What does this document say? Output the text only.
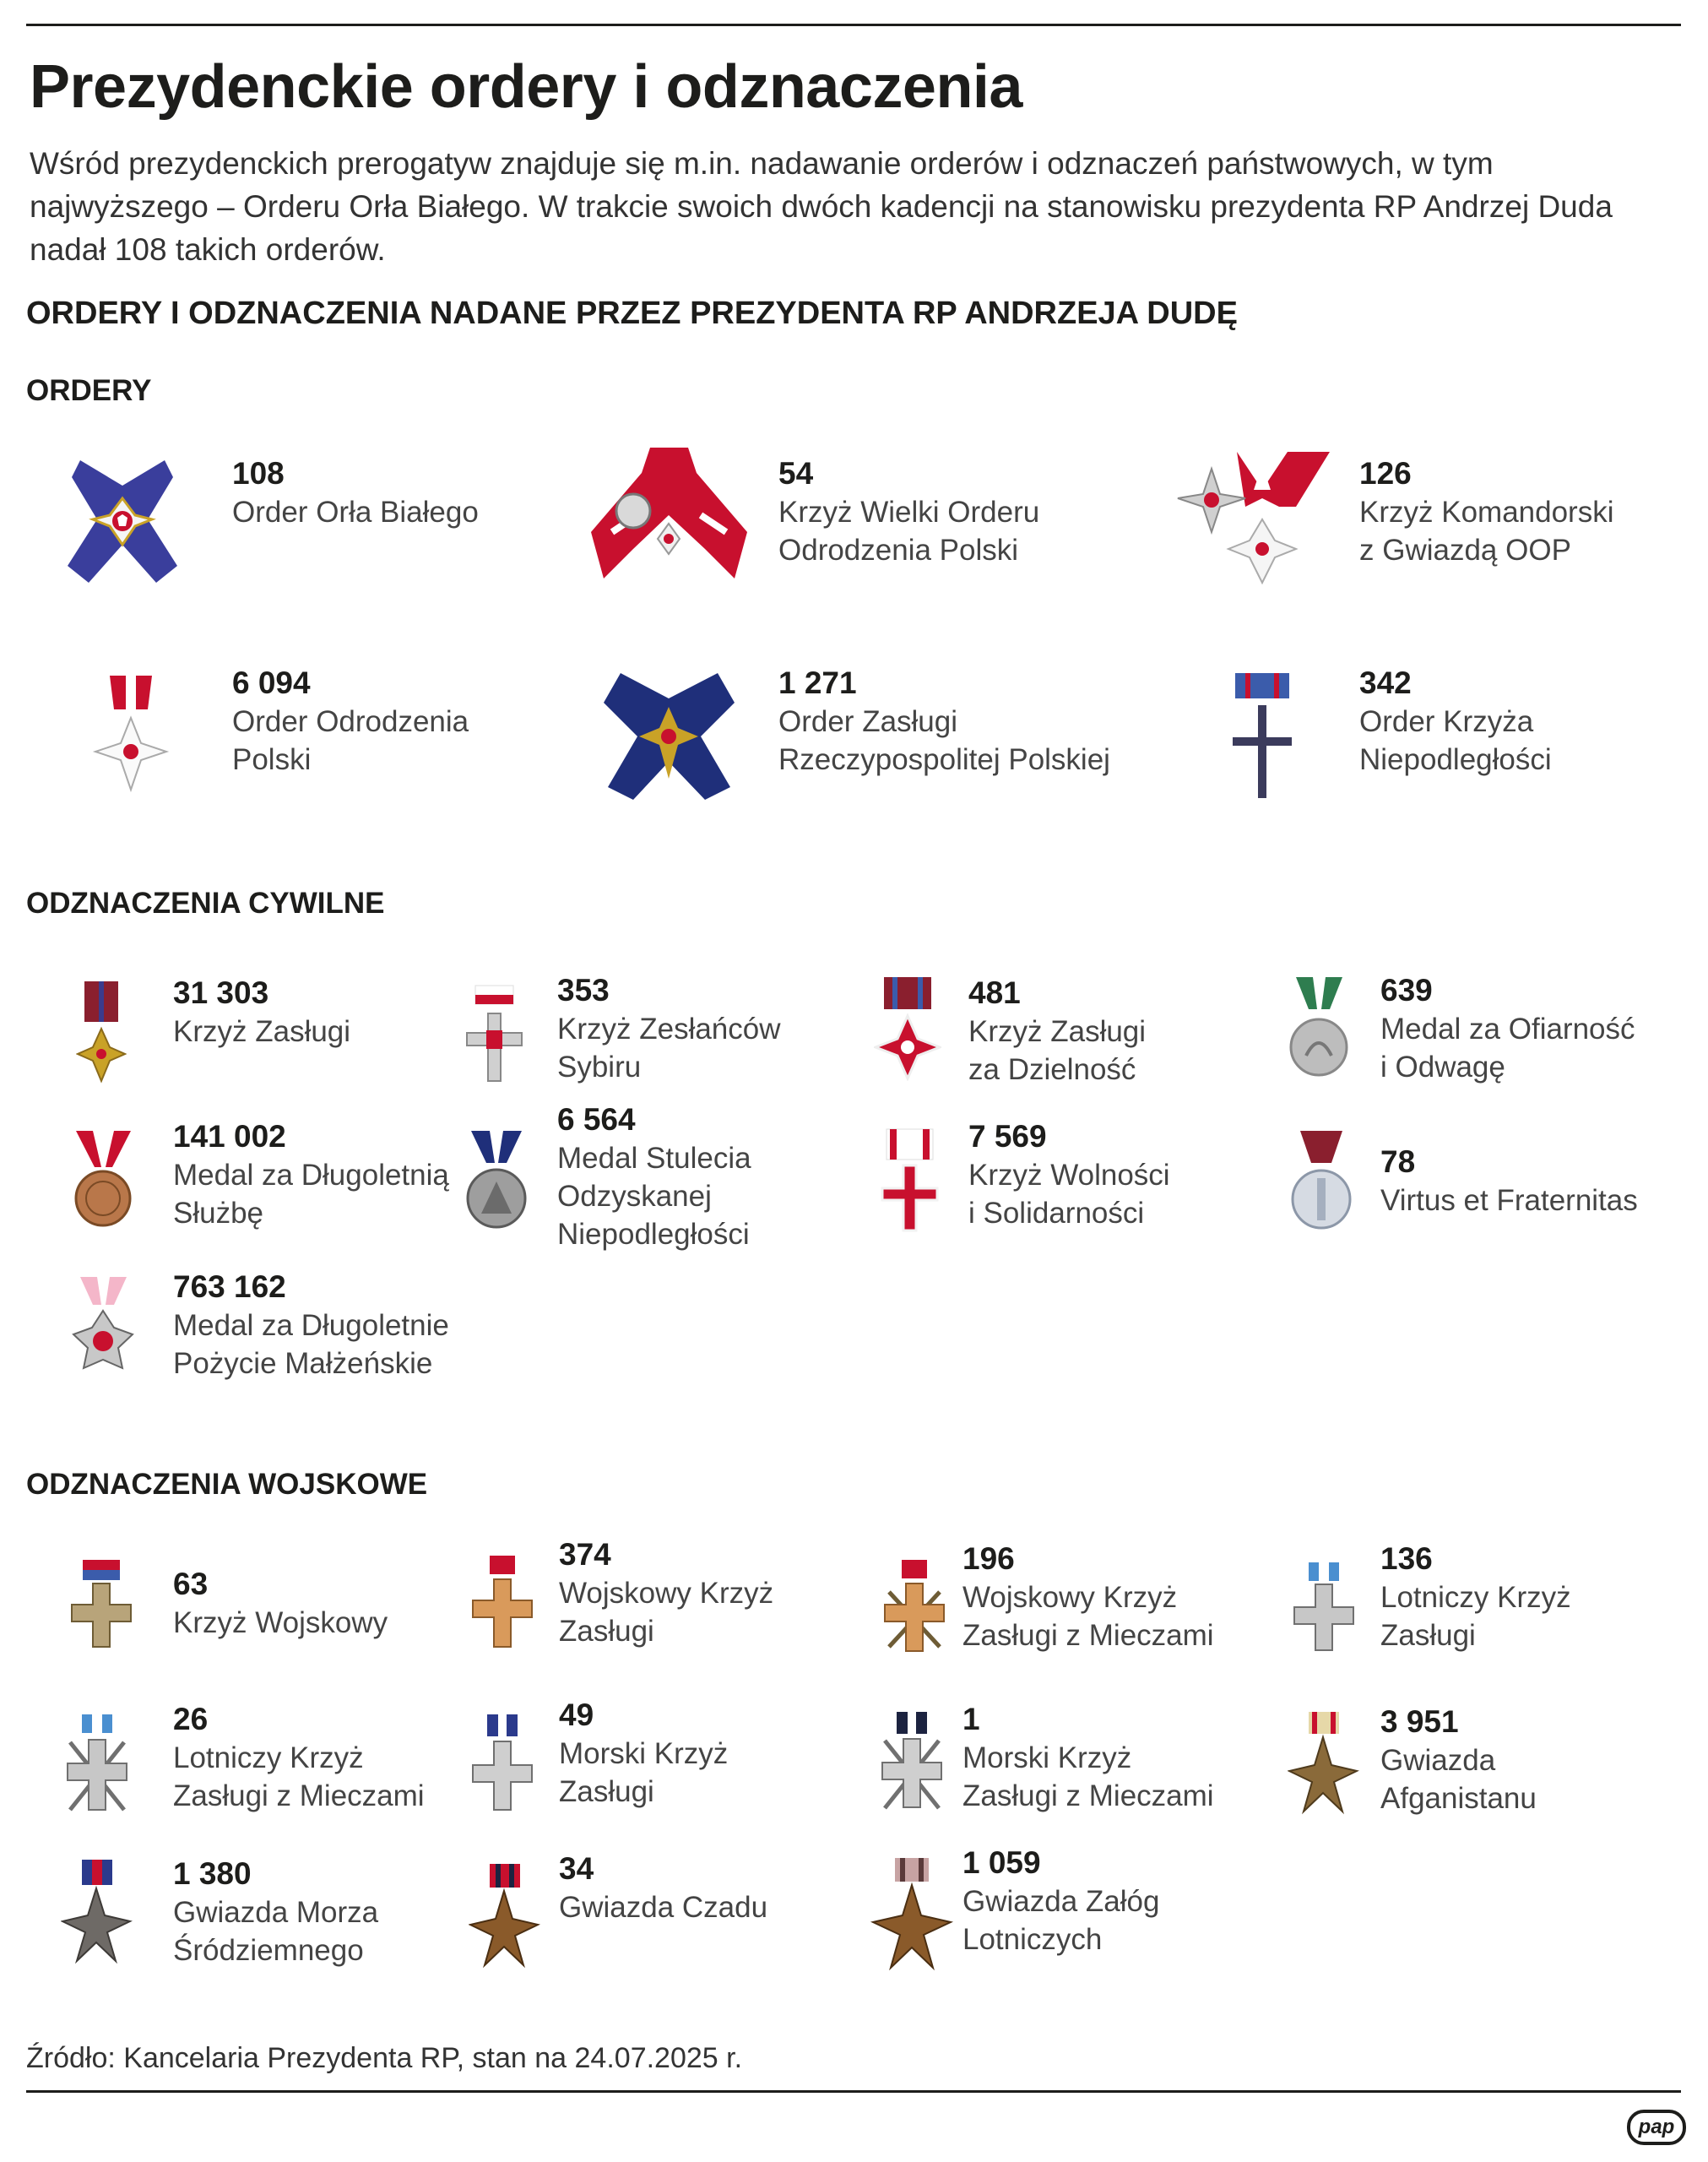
Prezydenckie ordery i odznaczenia

Wśród prezydenckich prerogatyw znajduje się m.in. nadawanie orderów i odznaczeń państwowych, w tym najwyższego – Orderu Orła Białego. W trakcie swoich dwóch kadencji na stanowisku prezydenta RP Andrzej Duda nadał 108 takich orderów.

ORDERY I ODZNACZENIA NADANE PRZEZ PREZYDENTA RP ANDRZEJA DUDĘ
ORDERY
108
Order Orła Białego
54
Krzyż Wielki Orderu
Odrodzenia Polski
126
Krzyż Komandorski
z Gwiazdą OOP
6 094
Order Odrodzenia
Polski
1 271
Order Zasługi
Rzeczypospolitej Polskiej
342
Order Krzyża
Niepodległości
ODZNACZENIA CYWILNE
31 303
Krzyż Zasługi
353
Krzyż Zesłańców
Sybiru
481
Krzyż Zasługi
za Dzielność
639
Medal za Ofiarność
i Odwagę
141 002
Medal za Długoletnią
Służbę
6 564
Medal Stulecia
Odzyskanej
Niepodległości
7 569
Krzyż Wolności
i Solidarności
78
Virtus et Fraternitas
763 162
Medal za Długoletnie
Pożycie Małżeńskie
ODZNACZENIA WOJSKOWE
63
Krzyż Wojskowy
374
Wojskowy Krzyż
Zasługi
196
Wojskowy Krzyż
Zasługi z Mieczami
136
Lotniczy Krzyż
Zasługi
26
Lotniczy Krzyż
Zasługi z Mieczami
49
Morski Krzyż
Zasługi
1
Morski Krzyż
Zasługi z Mieczami
3 951
Gwiazda
Afganistanu
1 380
Gwiazda Morza
Śródziemnego
34
Gwiazda Czadu
1 059
Gwiazda Załóg
Lotniczych

Źródło: Kancelaria Prezydenta RP, stan na 24.07.2025 r.

pap
